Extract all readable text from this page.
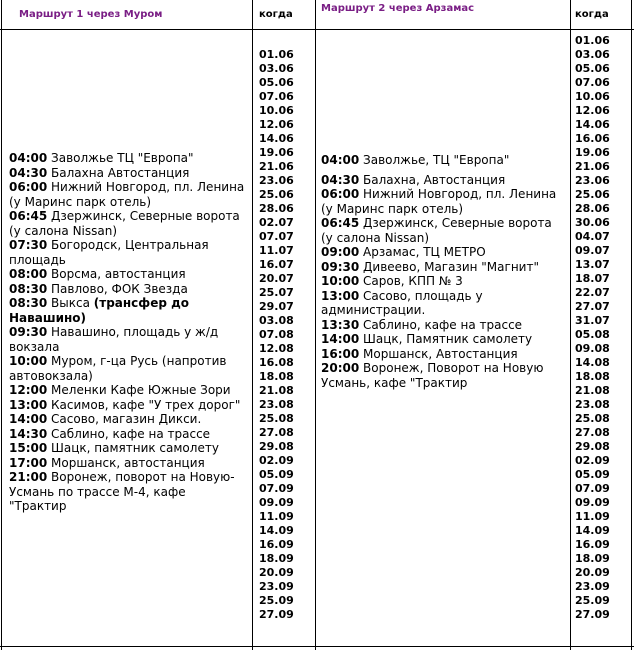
Маршрут 1 через Муром	когда
Маршрут 2 через Арзамас
когда
04:00 Заволжье ТЦ "Европа"
04:30 Балахна Автостанция
06:00 Нижний Новгород, пл. Ленина (у Маринс парк отель)
06:45 Дзержинск, Северные ворота (у салона Nissan)
07:30 Богородск, Центральная площадь
08:00 Ворсма, автостанция
08:30 Павлово, ФОК Звезда
08:30 Выкса (трансфер до Навашино)
09:30 Навашино, площадь у ж/д вокзала
10:00 Муром, г-ца Русь (напротив автовокзала)
12:00 Меленки Кафе Южные Зори
13:00 Касимов, кафе "У трех дорог"
14:00 Сасово, магазин Дикси.
14:30 Саблино, кафе на трассе
15:00 Шацк, памятник самолету
17:00 Моршанск, автостанция
21:00 Воронеж, поворот на Новую-Усмань по трассе М-4, кафе "Трактир
01.06
03.06
05.06
07.06
10.06
12.06
14.06
19.06
21.06
23.06
25.06
28.06
02.07
07.07
11.07
16.07
20.07
25.07
29.07
03.08
07.08
12.08
16.08
18.08
21.08
23.08
25.08
27.08
29.08
02.09
05.09
07.09
09.09
11.09
14.09
16.09
18.09
20.09
23.09
25.09
27.09
04:00 Заволжье, ТЦ "Европа"
04:30 Балахна, Автостанция
06:00 Нижний Новгород, пл. Ленина (у Маринс парк отель)
06:45 Дзержинск, Северные ворота (у салона Nissan)
09:00 Арзамас, ТЦ МЕТРО
09:30 Дивеево, Магазин "Магнит"
10:00 Саров, КПП № 3
13:00 Сасово, площадь у администрации.
13:30 Саблино, кафе на трассе
14:00 Шацк, Памятник самолету
16:00 Моршанск, Автостанция
20:00 Воронеж, Поворот на Новую Усмань, кафе "Трактир
01.06
03.06
05.06
07.06
10.06
12.06
14.06
16.06
19.06
21.06
23.06
25.06
28.06
30.06
04.07
09.07
13.07
18.07
22.07
27.07
31.07
05.08
09.08
14.08
18.08
21.08
23.08
25.08
27.08
29.08
02.09
05.09
07.09
09.09
11.09
14.09
16.09
18.09
20.09
23.09
25.09
27.09
